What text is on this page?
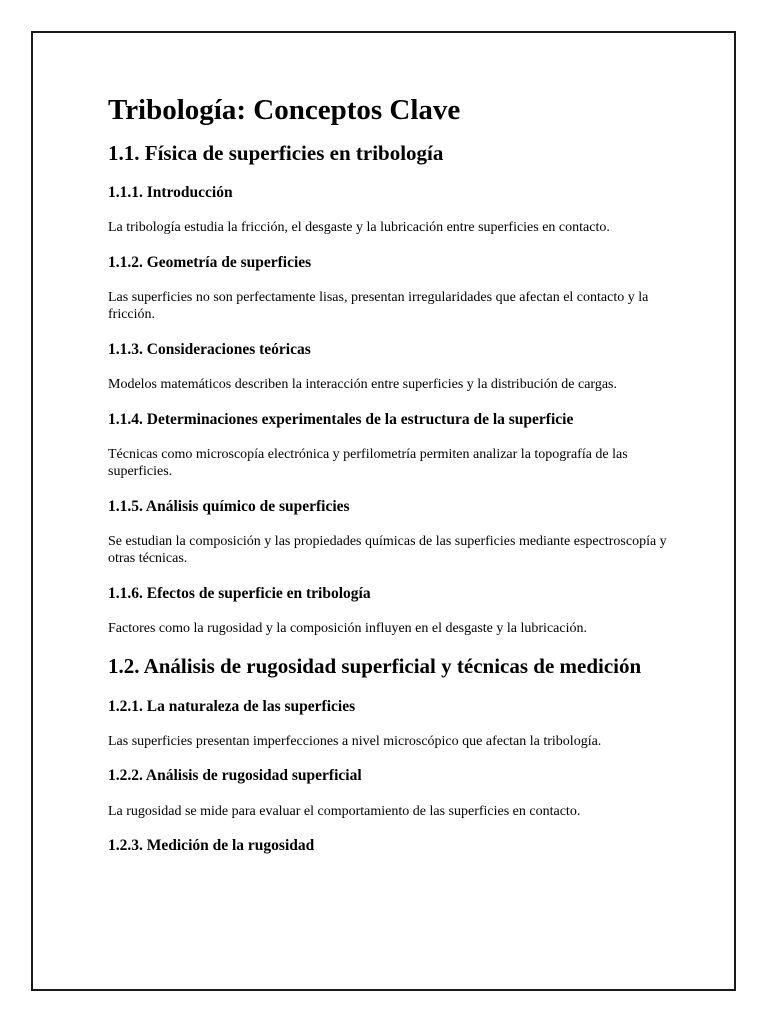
Tribología: Conceptos Clave
1.1. Física de superficies en tribología
1.1.1. Introducción

La tribología estudia la fricción, el desgaste y la lubricación entre superficies en contacto.

1.1.2. Geometría de superficies

Las superficies no son perfectamente lisas, presentan irregularidades que afectan el contacto y la fricción.

1.1.3. Consideraciones teóricas

Modelos matemáticos describen la interacción entre superficies y la distribución de cargas.

1.1.4. Determinaciones experimentales de la estructura de la superficie

Técnicas como microscopía electrónica y perfilometría permiten analizar la topografía de las superficies.

1.1.5. Análisis químico de superficies

Se estudian la composición y las propiedades químicas de las superficies mediante espectroscopía y otras técnicas.

1.1.6. Efectos de superficie en tribología

Factores como la rugosidad y la composición influyen en el desgaste y la lubricación.

1.2. Análisis de rugosidad superficial y técnicas de medición
1.2.1. La naturaleza de las superficies

Las superficies presentan imperfecciones a nivel microscópico que afectan la tribología.

1.2.2. Análisis de rugosidad superficial

La rugosidad se mide para evaluar el comportamiento de las superficies en contacto.

1.2.3. Medición de la rugosidad
